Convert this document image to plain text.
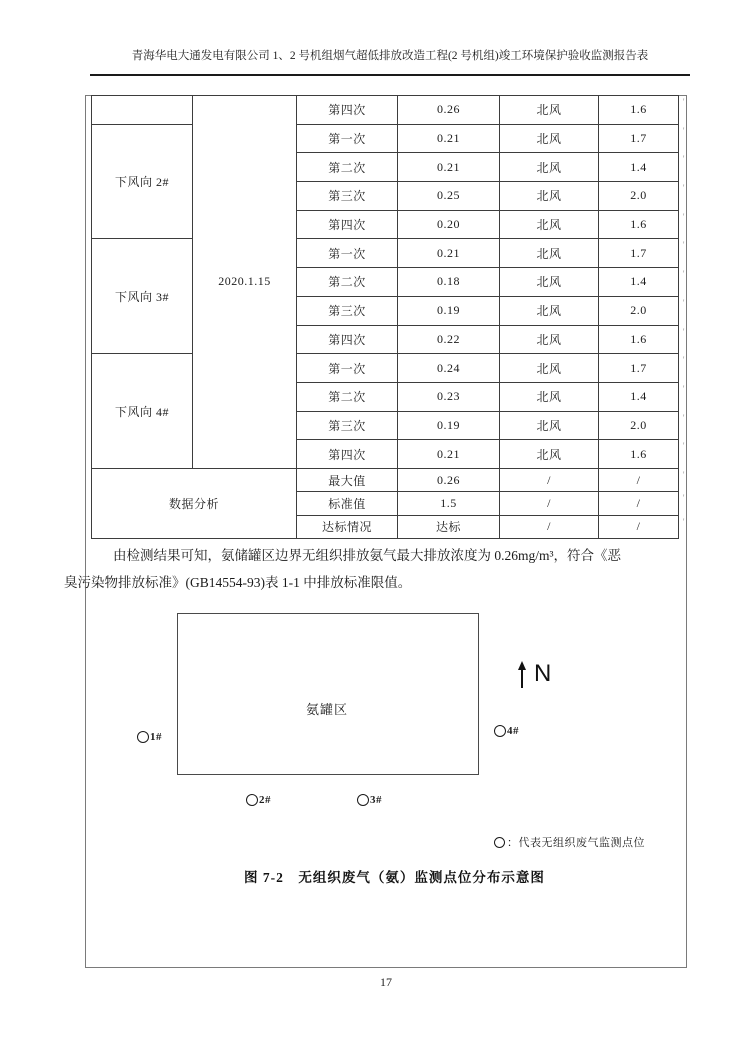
青海华电大通发电有限公司 1、2 号机组烟气超低排放改造工程(2 号机组)竣工环境保护验收监测报告表
	2020.1.15	第四次	0.26	北风	1.6 '
下风向 2#		第一次	0.21	北风	1.7 '
		第二次	0.21	北风	1.4 '
		第三次	0.25	北风	2.0 '
		第四次	0.20	北风	1.6 '
下风向 3#		第一次	0.21	北风	1.7 '
		第二次	0.18	北风	1.4 '
		第三次	0.19	北风	2.0 '
		第四次	0.22	北风	1.6 '
下风向 4#		第一次	0.24	北风	1.7 '
		第二次	0.23	北风	1.4 '
		第三次	0.19	北风	2.0 '
		第四次	0.21	北风	1.6 '
数据分析		最大值	0.26	/	/ '
		标准值	1.5	/	/ '
		达标情况	达标	/	/ '
由检测结果可知，氨储罐区边界无组织排放氨气最大排放浓度为 0.26mg/m³，符合《恶
臭污染物排放标准》(GB14554-93)表 1-1 中排放标准限值。
氨罐区
1#
2#	3#
4#
N
：代表无组织废气监测点位
图 7-2　无组织废气（氨）监测点位分布示意图
17
